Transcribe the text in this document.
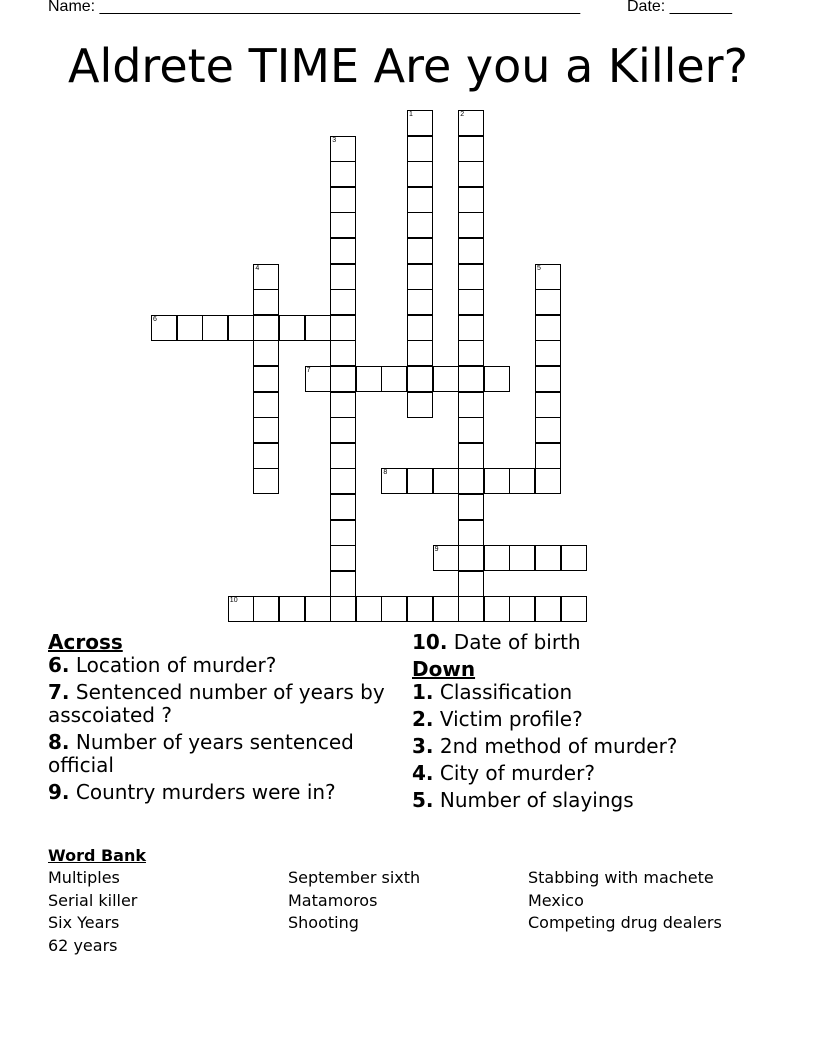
Name: ______________________________________________________	Date: _______
Aldrete TIME Are you a Killer?
1	2
3
4	5
6
7
8
9
10
Across
6. Location of murder?
7. Sentenced number of years by asscoiated ?
8. Number of years sentenced official
9. Country murders were in?
10. Date of birth
Down
1. Classification
2. Victim profile?
3. 2nd method of murder?
4. City of murder?
5. Number of slayings
Word Bank
Multiples
Serial killer
Six Years
62 years
September sixth
Matamoros
Shooting
Stabbing with machete
Mexico
Competing drug dealers
